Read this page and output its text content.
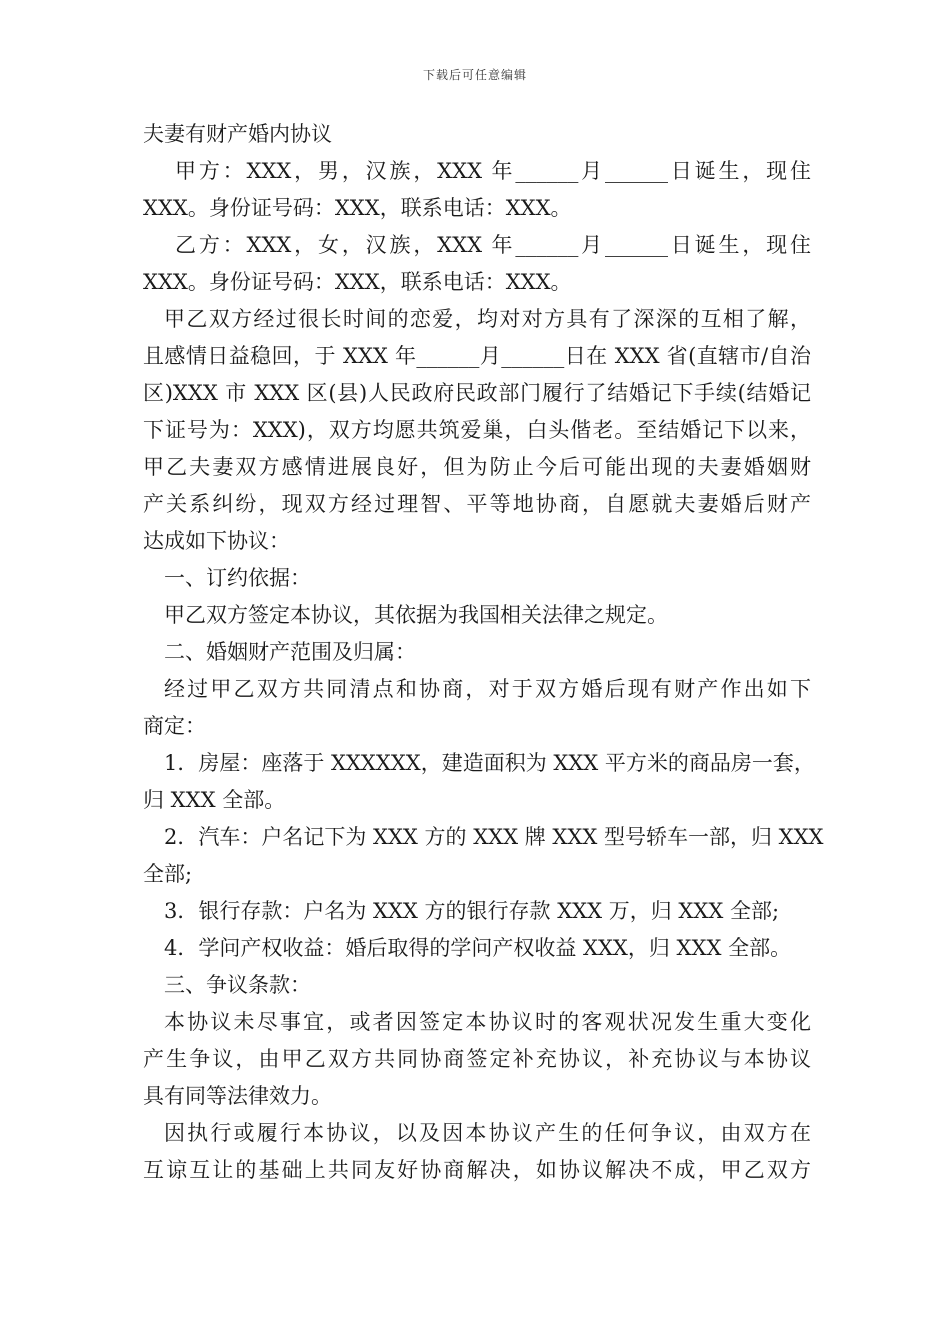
下载后可任意编辑
夫妻有财产婚内协议
甲方：XXX，男，汉族，XXX 年______月______日诞生，现住
XXX。身份证号码：XXX，联系电话：XXX。
乙方：XXX，女，汉族，XXX 年______月______日诞生，现住
XXX。身份证号码：XXX，联系电话：XXX。
甲乙双方经过很长时间的恋爱，均对对方具有了深深的互相了解，
且感情日益稳回，于 XXX 年______月______日在 XXX 省(直辖市/自治
区)XXX 市 XXX 区(县)人民政府民政部门履行了结婚记下手续(结婚记
下证号为：XXX)，双方均愿共筑爱巢，白头偕老。至结婚记下以来，
甲乙夫妻双方感情进展良好，但为防止今后可能出现的夫妻婚姻财
产关系纠纷，现双方经过理智、平等地协商，自愿就夫妻婚后财产
达成如下协议：
一、订约依据：
甲乙双方签定本协议，其依据为我国相关法律之规定。
二、婚姻财产范围及归属：
经过甲乙双方共同清点和协商，对于双方婚后现有财产作出如下
商定：
1．房屋：座落于 XXXXXX，建造面积为 XXX 平方米的商品房一套，
归 XXX 全部。
2．汽车：户名记下为 XXX 方的 XXX 牌 XXX 型号轿车一部，归 XXX
全部;
3．银行存款：户名为 XXX 方的银行存款 XXX 万，归 XXX 全部;
4．学问产权收益：婚后取得的学问产权收益 XXX，归 XXX 全部。
三、争议条款：
本协议未尽事宜，或者因签定本协议时的客观状况发生重大变化
产生争议，由甲乙双方共同协商签定补充协议，补充协议与本协议
具有同等法律效力。
因执行或履行本协议，以及因本协议产生的任何争议，由双方在
互谅互让的基础上共同友好协商解决，如协议解决不成，甲乙双方
